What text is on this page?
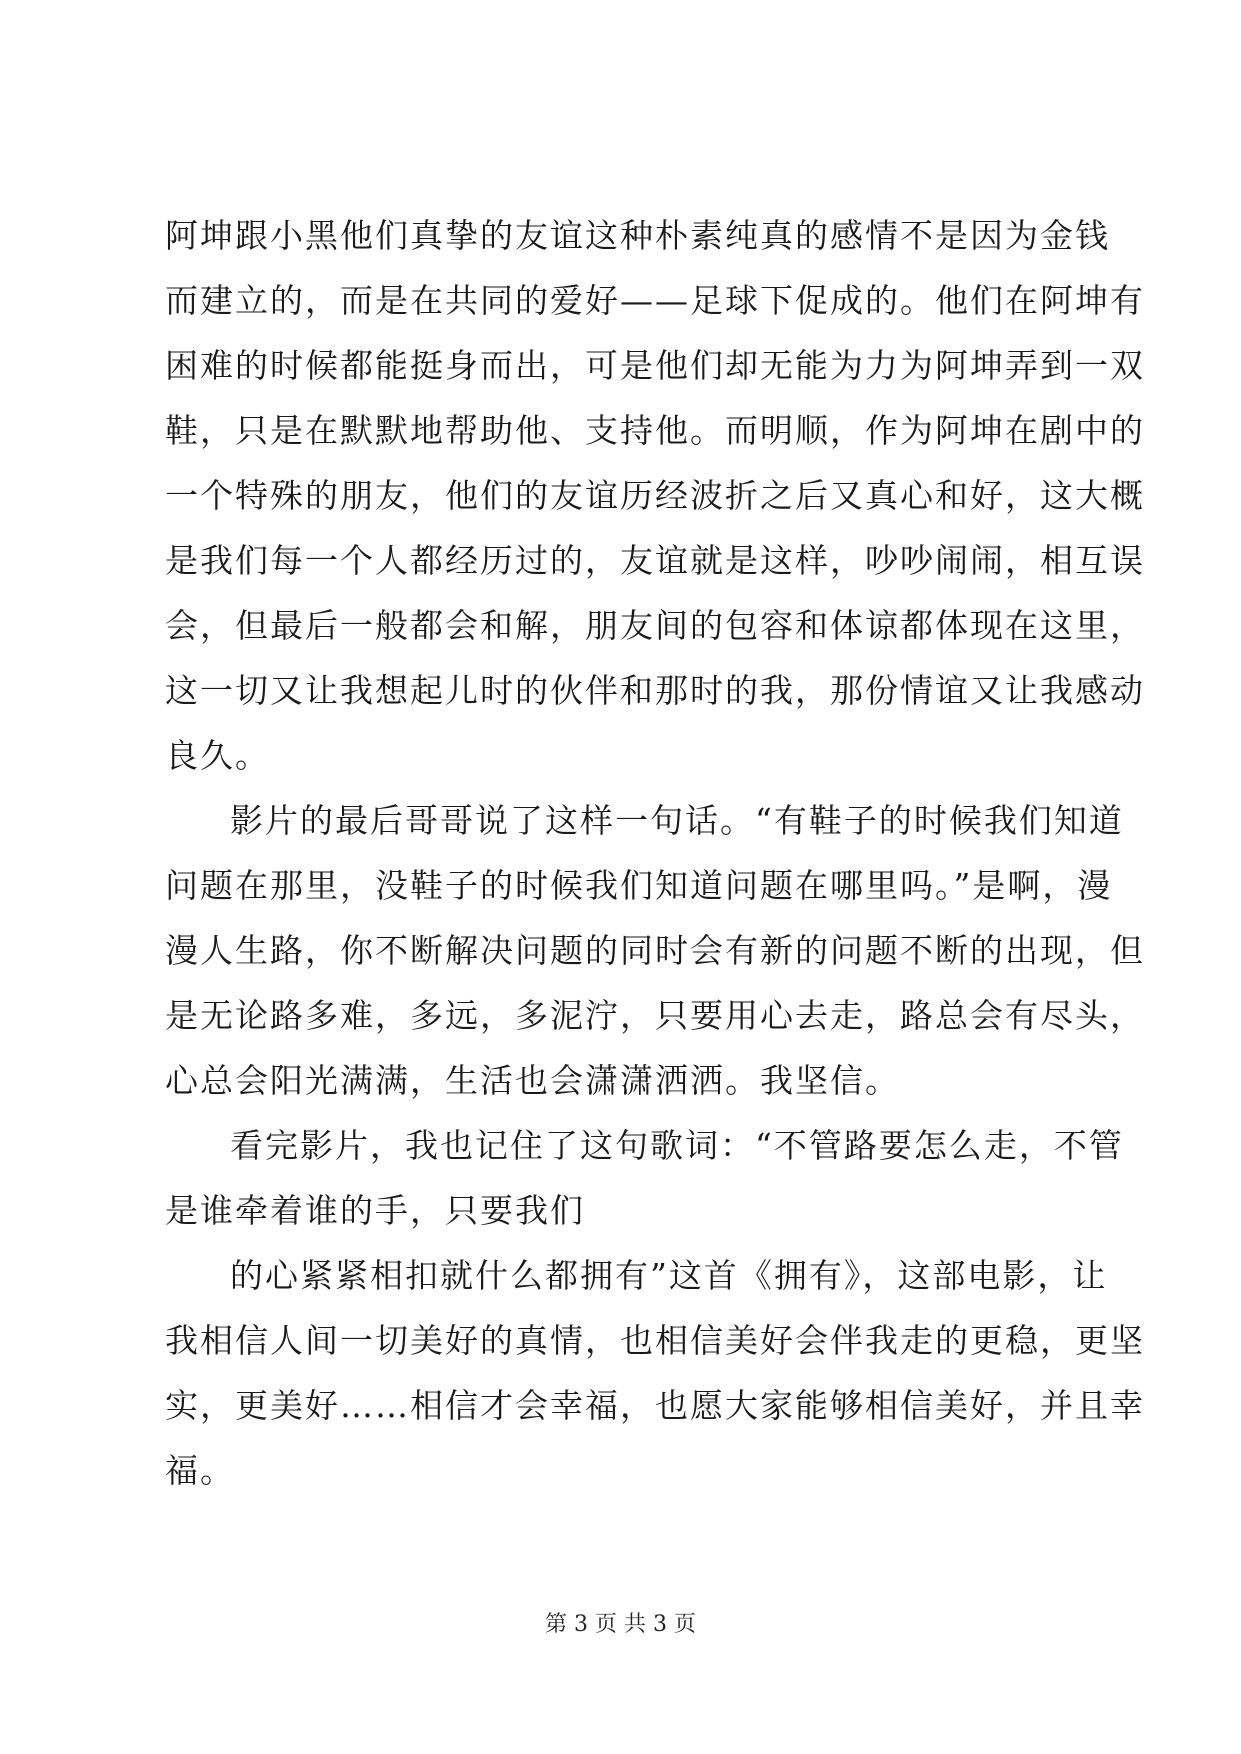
阿坤跟小黑他们真挚的友谊这种朴素纯真的感情不是因为金钱
而建立的，而是在共同的爱好——足球下促成的。他们在阿坤有
困难的时候都能挺身而出，可是他们却无能为力为阿坤弄到一双
鞋，只是在默默地帮助他、支持他。而明顺，作为阿坤在剧中的
一个特殊的朋友，他们的友谊历经波折之后又真心和好，这大概
是我们每一个人都经历过的，友谊就是这样，吵吵闹闹，相互误
会，但最后一般都会和解，朋友间的包容和体谅都体现在这里，
这一切又让我想起儿时的伙伴和那时的我，那份情谊又让我感动
良久。
影片的最后哥哥说了这样一句话。“有鞋子的时候我们知道
问题在那里，没鞋子的时候我们知道问题在哪里吗。”是啊，漫
漫人生路，你不断解决问题的同时会有新的问题不断的出现，但
是无论路多难，多远，多泥泞，只要用心去走，路总会有尽头，
心总会阳光满满，生活也会潇潇洒洒。我坚信。
看完影片，我也记住了这句歌词：“不管路要怎么走，不管
是谁牵着谁的手，只要我们
的心紧紧相扣就什么都拥有”这首《拥有》，这部电影，让
我相信人间一切美好的真情，也相信美好会伴我走的更稳，更坚
实，更美好……相信才会幸福，也愿大家能够相信美好，并且幸
福。
第 3 页 共 3 页
